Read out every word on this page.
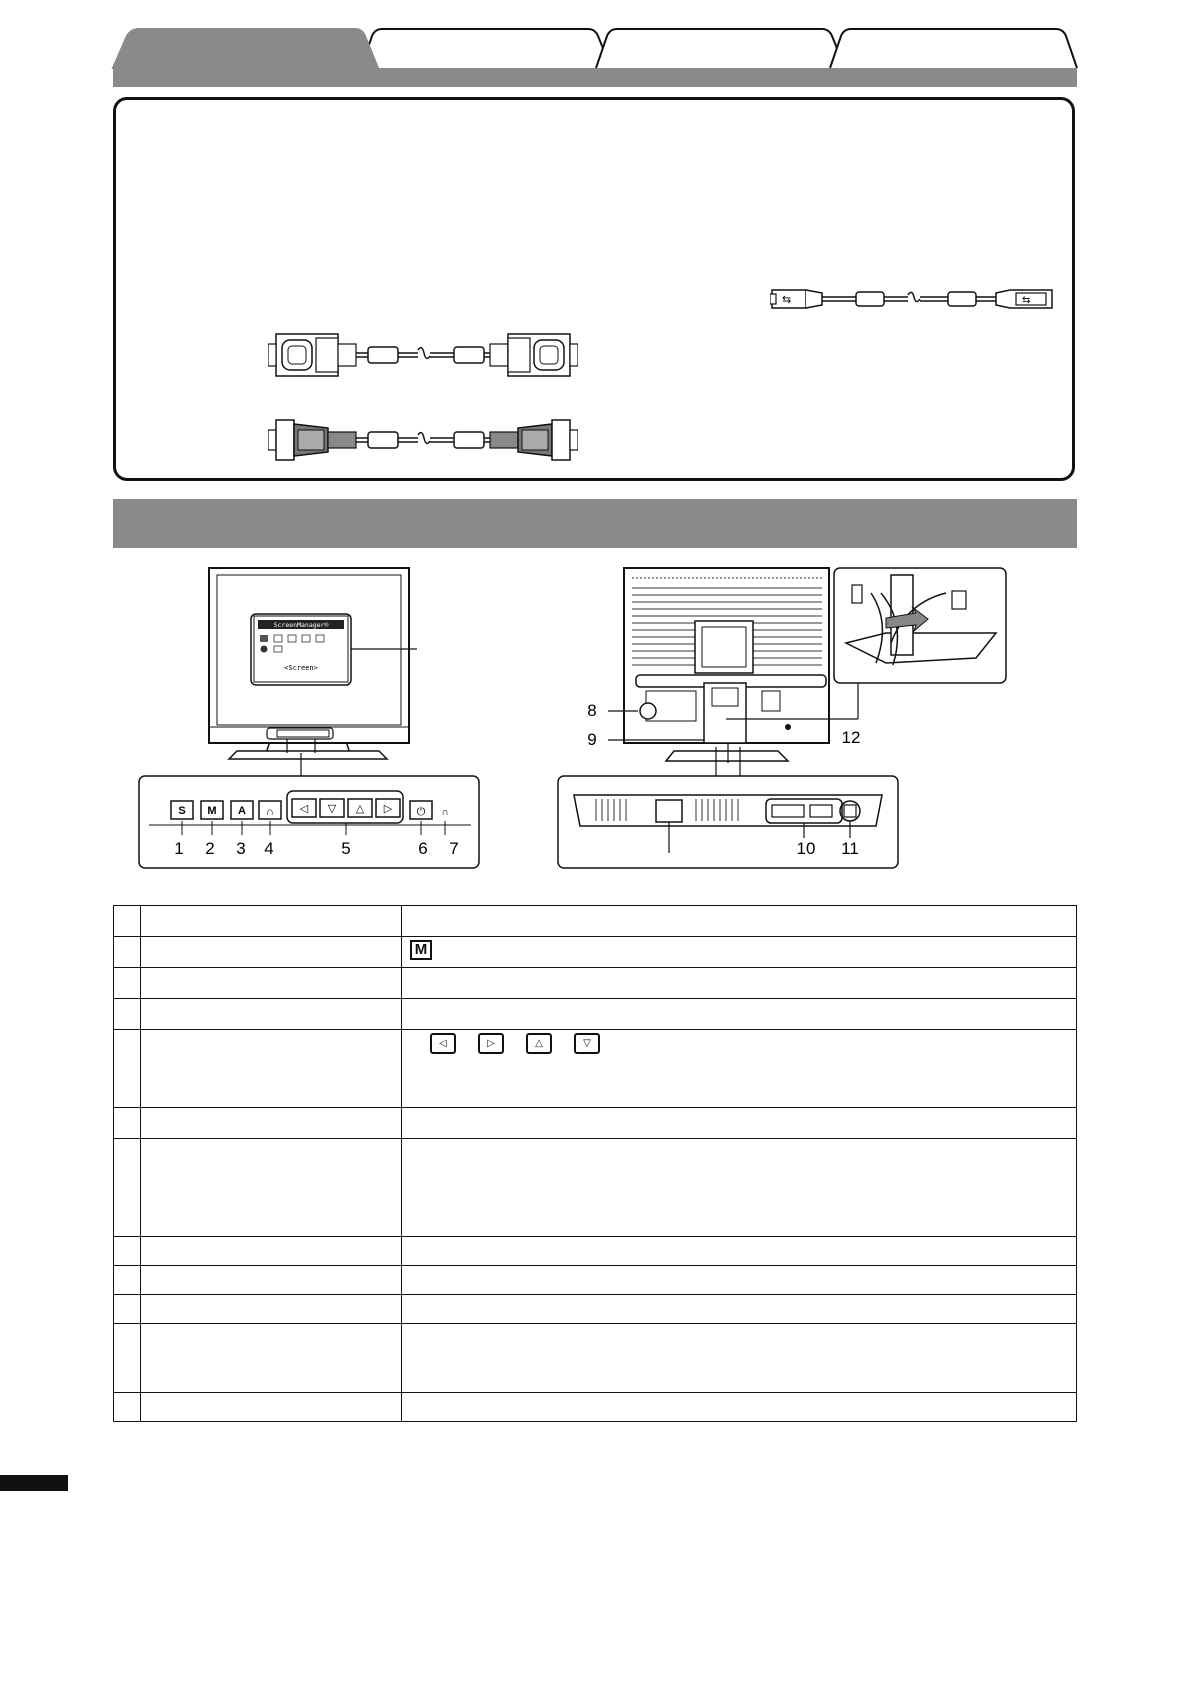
⇆	⇆
ScreenManager®
<Screen>
S M A ∩ ◁ ▽ △ ▷ ⏻ ∩
1 2 3 4	5	6 7
8
9
10 11
12

		M

		◁ ▷ △ ▽
